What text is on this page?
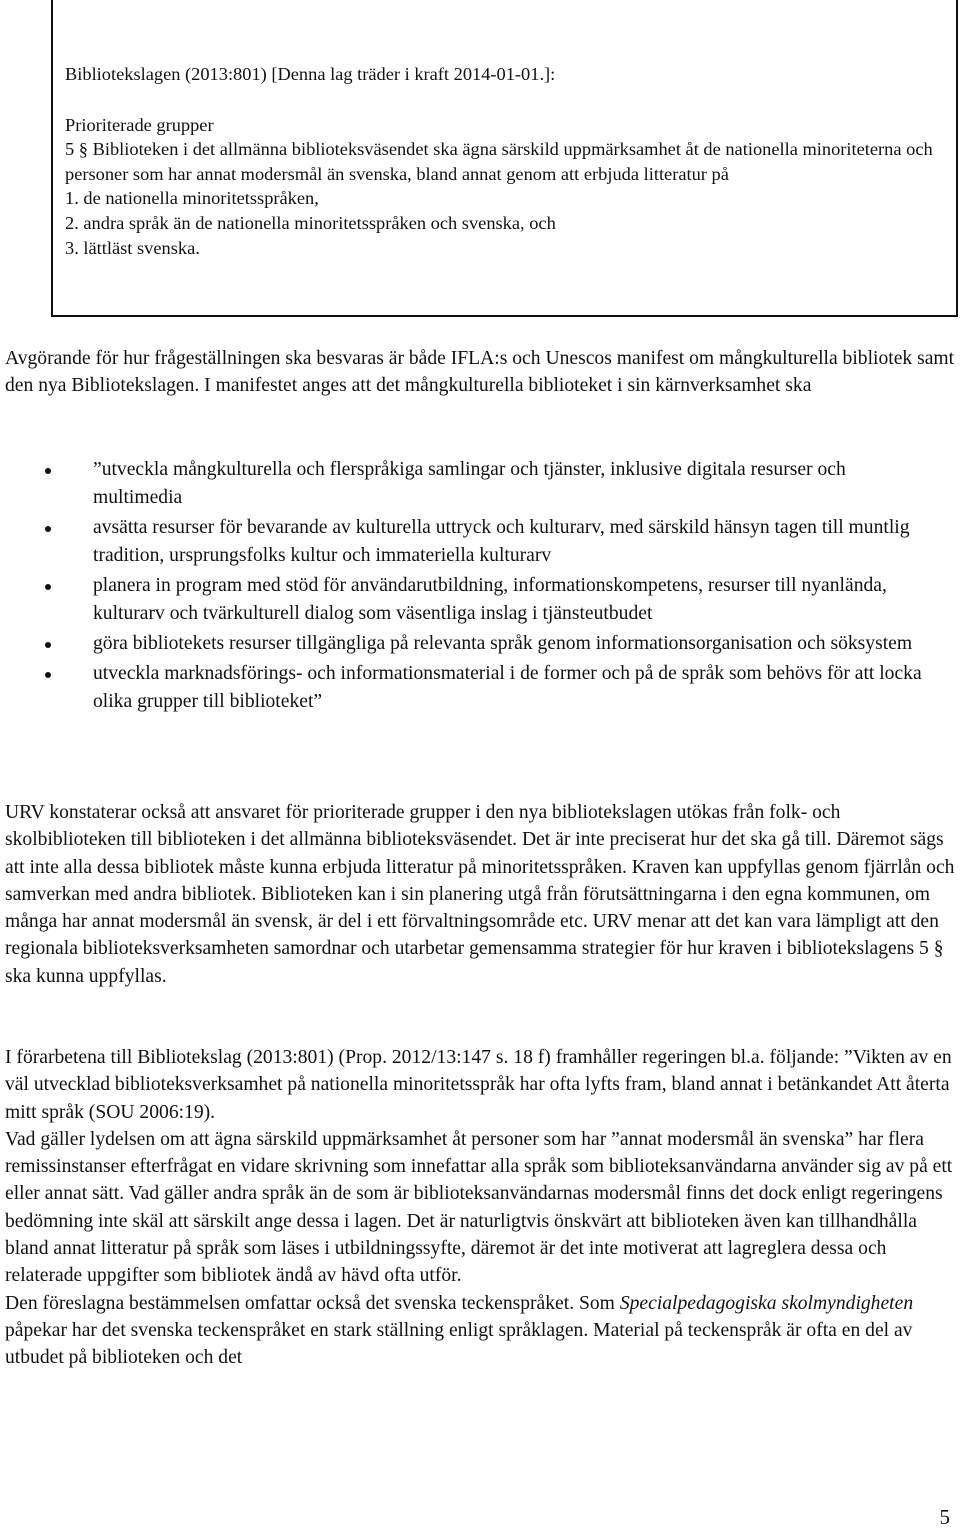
Bibliotekslagen (2013:801) [Denna lag träder i kraft 2014-01-01.]:

Prioriterade grupper

5 § Biblioteken i det allmänna biblioteksväsendet ska ägna särskild uppmärksamhet åt de nationella minoriteterna och personer som har annat modersmål än svenska, bland annat genom att erbjuda litteratur på

1. de nationella minoritetsspråken,

2. andra språk än de nationella minoritetsspråken och svenska, och

3. lättläst svenska.

Avgörande för hur frågeställningen ska besvaras är både IFLA:s och Unescos manifest om mångkulturella bibliotek samt den nya Bibliotekslagen. I manifestet anges att det mångkulturella biblioteket i sin kärnverksamhet ska

”utveckla mångkulturella och flerspråkiga samlingar och tjänster, inklusive digitala resurser och multimedia
avsätta resurser för bevarande av kulturella uttryck och kulturarv, med särskild hänsyn tagen till muntlig tradition, ursprungsfolks kultur och immateriella kulturarv
planera in program med stöd för användarutbildning, informationskompetens, resurser till nyanlända, kulturarv och tvärkulturell dialog som väsentliga inslag i tjänsteutbudet
göra bibliotekets resurser tillgängliga på relevanta språk genom informationsorganisation och söksystem
utveckla marknadsförings- och informationsmaterial i de former och på de språk som behövs för att locka olika grupper till biblioteket”

URV konstaterar också att ansvaret för prioriterade grupper i den nya bibliotekslagen utökas från folk- och skolbiblioteken till biblioteken i det allmänna biblioteksväsendet. Det är inte preciserat hur det ska gå till. Däremot sägs att inte alla dessa bibliotek måste kunna erbjuda litteratur på minoritetsspråken. Kraven kan uppfyllas genom fjärrlån och samverkan med andra bibliotek. Biblioteken kan i sin planering utgå från förutsättningarna i den egna kommunen, om många har annat modersmål än svensk, är del i ett förvaltningsområde etc. URV menar att det kan vara lämpligt att den regionala biblioteksverksamheten samordnar och utarbetar gemensamma strategier för hur kraven i bibliotekslagens 5 § ska kunna uppfyllas.

I förarbetena till Bibliotekslag (2013:801) (Prop. 2012/13:147 s. 18 f) framhåller regeringen bl.a. följande: ”Vikten av en väl utvecklad biblioteksverksamhet på nationella minoritetsspråk har ofta lyfts fram, bland annat i betänkandet Att återta mitt språk (SOU 2006:19).

Vad gäller lydelsen om att ägna särskild uppmärksamhet åt personer som har ”annat modersmål än svenska” har flera remissinstanser efterfrågat en vidare skrivning som innefattar alla språk som biblioteksanvändarna använder sig av på ett eller annat sätt. Vad gäller andra språk än de som är biblioteksanvändarnas modersmål finns det dock enligt regeringens bedömning inte skäl att särskilt ange dessa i lagen. Det är naturligtvis önskvärt att biblioteken även kan tillhandhålla bland annat litteratur på språk som läses i utbildningssyfte, däremot är det inte motiverat att lagreglera dessa och relaterade uppgifter som bibliotek ändå av hävd ofta utför.

Den föreslagna bestämmelsen omfattar också det svenska teckenspråket. Som Specialpedagogiska skolmyndigheten påpekar har det svenska teckenspråket en stark ställning enligt språklagen. Material på teckenspråk är ofta en del av utbudet på biblioteken och det

5
